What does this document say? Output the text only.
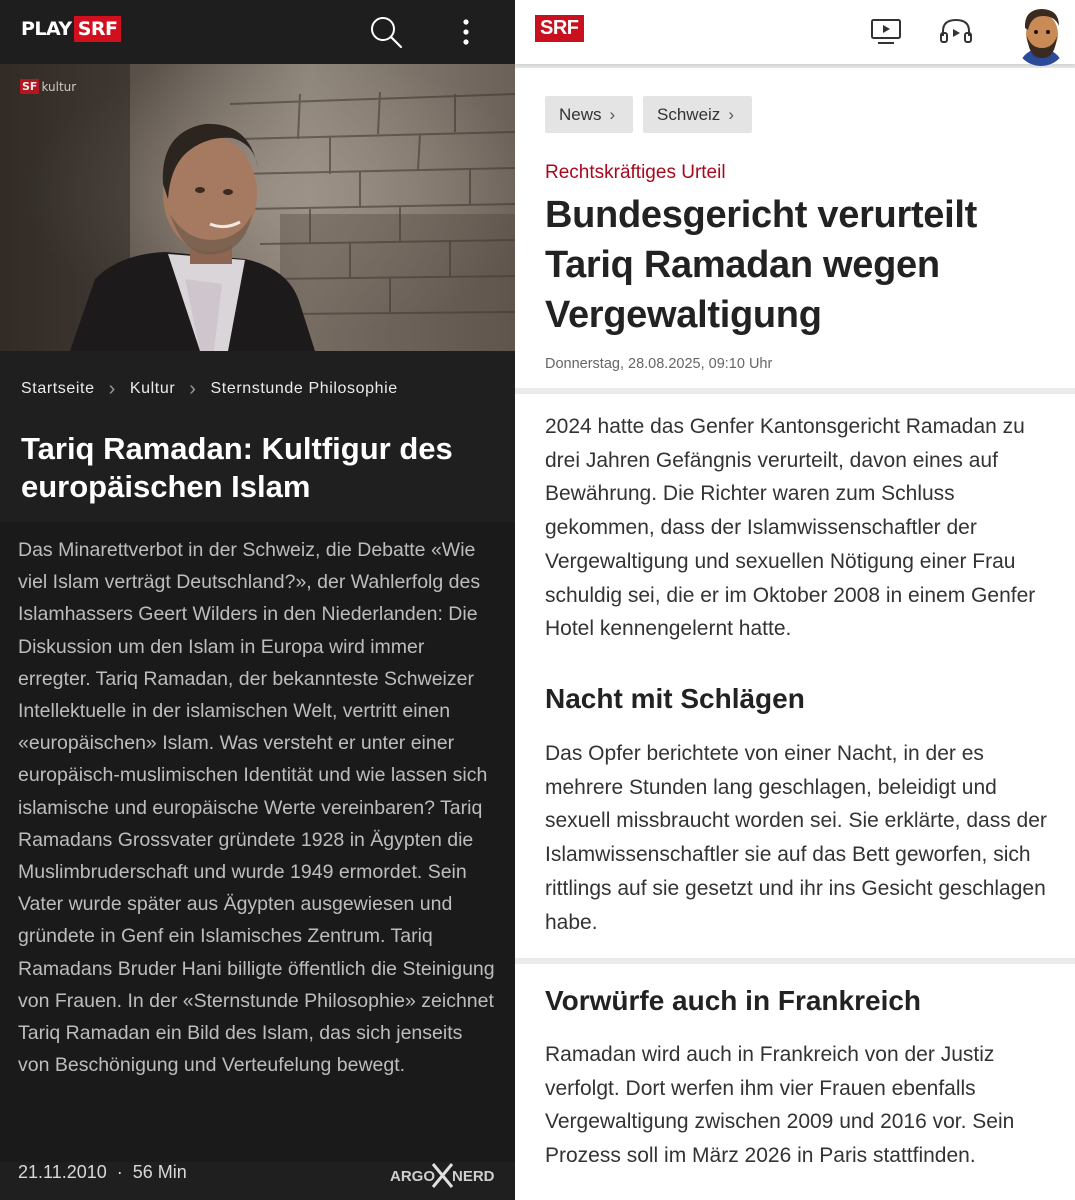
PLAY SRF
SF kultur
Startseite › Kultur › Sternstunde Philosophie
Tariq Ramadan: Kultfigur des europäischen Islam

Das Minarettverbot in der Schweiz, die Debatte «Wie viel Islam verträgt Deutschland?», der Wahlerfolg des Islamhassers Geert Wilders in den Niederlanden: Die Diskussion um den Islam in Europa wird immer erregter. Tariq Ramadan, der bekannteste Schweizer Intellektuelle in der islamischen Welt, vertritt einen «europäischen» Islam. Was versteht er unter einer europäisch-muslimischen Identität und wie lassen sich islamische und europäische Werte vereinbaren? Tariq Ramadans Grossvater gründete 1928 in Ägypten die Muslimbruderschaft und wurde 1949 ermordet. Sein Vater wurde später aus Ägypten ausgewiesen und gründete in Genf ein Islamisches Zentrum. Tariq Ramadans Bruder Hani billigte öffentlich die Steinigung von Frauen. In der «Sternstunde Philosophie» zeichnet Tariq Ramadan ein Bild des Islam, das sich jenseits von Beschönigung und Verteufelung bewegt.

21.11.2010 · 56 Min	ARGO NERD
SRF
News › Schweiz ›
Rechtskräftiges Urteil
Bundesgericht verurteilt Tariq Ramadan wegen Vergewaltigung
Donnerstag, 28.08.2025, 09:10 Uhr

2024 hatte das Genfer Kantonsgericht Ramadan zu drei Jahren Gefängnis verurteilt, davon eines auf Bewährung. Die Richter waren zum Schluss gekommen, dass der Islamwissenschaftler der Vergewaltigung und sexuellen Nötigung einer Frau schuldig sei, die er im Oktober 2008 in einem Genfer Hotel kennengelernt hatte.

Nacht mit Schlägen

Das Opfer berichtete von einer Nacht, in der es mehrere Stunden lang geschlagen, beleidigt und sexuell missbraucht worden sei. Sie erklärte, dass der Islamwissenschaftler sie auf das Bett geworfen, sich rittlings auf sie gesetzt und ihr ins Gesicht geschlagen habe.

Vorwürfe auch in Frankreich

Ramadan wird auch in Frankreich von der Justiz verfolgt. Dort werfen ihm vier Frauen ebenfalls Vergewaltigung zwischen 2009 und 2016 vor. Sein Prozess soll im März 2026 in Paris stattfinden.
